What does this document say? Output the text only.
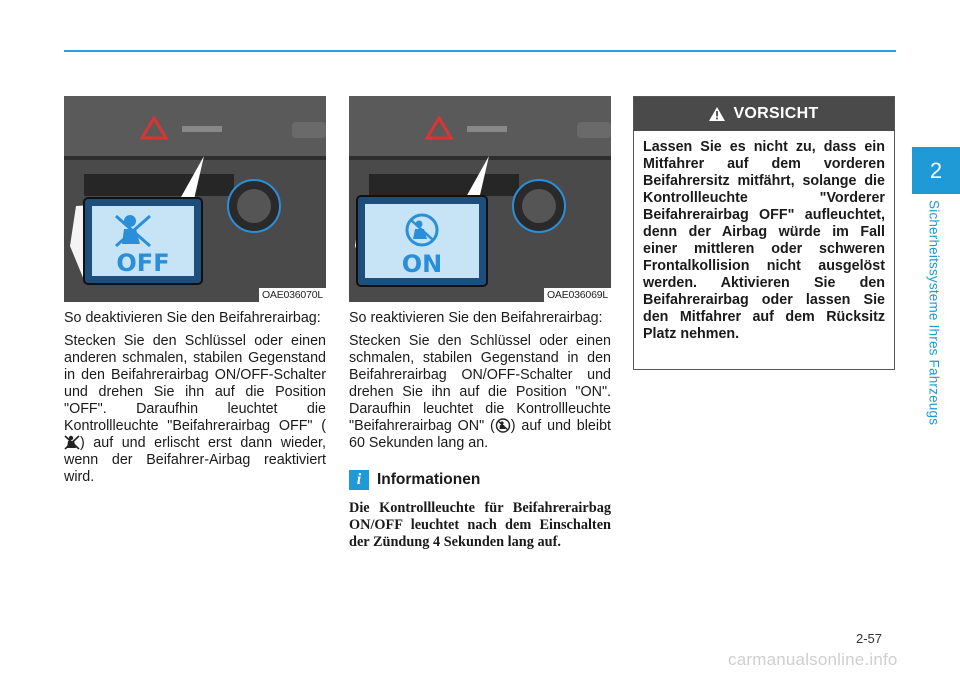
2
Sicherheitssysteme Ihres Fahrzeugs
OFF
OAE036070L

So deaktivieren Sie den Beifahrerairbag:

Stecken Sie den Schlüssel oder einen anderen schmalen, stabilen Gegenstand in den Beifahrerairbag ON/OFF-Schalter und drehen Sie ihn auf die Position "OFF". Daraufhin leuchtet die Kontrollleuchte "Beifahrerairbag OFF" () auf und erlischt erst dann wieder, wenn der Beifahrer-Airbag reaktiviert wird.

ON
OAE036069L

So reaktivieren Sie den Beifahrerairbag:

Stecken Sie den Schlüssel oder einen schmalen, stabilen Gegenstand in den Beifahrerairbag ON/OFF-Schalter und drehen Sie ihn auf die Position "ON". Daraufhin leuchtet die Kontrollleuchte "Beifahrerairbag ON" ( ) auf und bleibt 60 Sekunden lang an.

i Informationen
Die Kontrollleuchte für Beifahrerairbag ON/OFF leuchtet nach dem Einschalten der Zündung 4 Sekunden lang auf.
VORSICHT
Lassen Sie es nicht zu, dass ein Mitfahrer auf dem vorderen Beifahrersitz mitfährt, solange die Kontrollleuchte "Vorderer Beifahrerairbag OFF" aufleuchtet, denn der Airbag würde im Fall einer mittleren oder schweren Frontalkollision nicht ausgelöst werden. Aktivieren Sie den Beifahrerairbag oder lassen Sie den Mitfahrer auf dem Rücksitz Platz nehmen.
2-57
carmanualsonline.info
